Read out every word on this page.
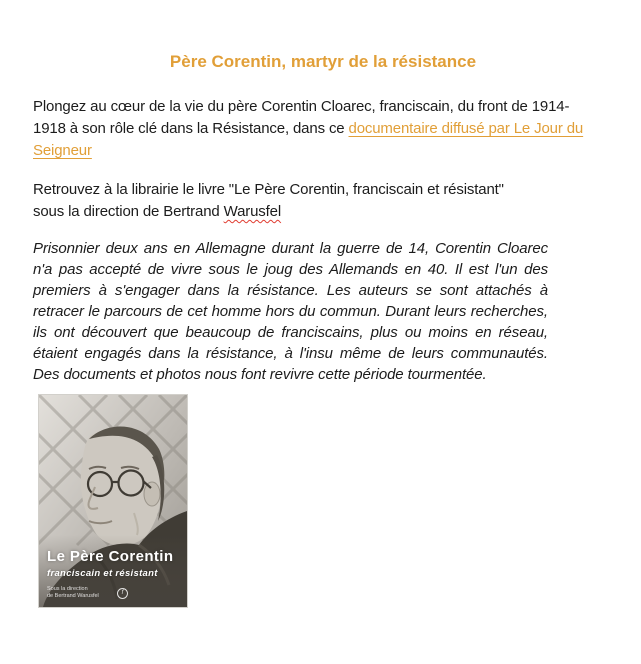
Père Corentin, martyr de la résistance

Plongez au cœur de la vie du père Corentin Cloarec, franciscain, du front de 1914-
1918 à son rôle clé dans la Résistance, dans ce documentaire diffusé par Le Jour du
Seigneur

Retrouvez à la librairie le livre "Le Père Corentin, franciscain et résistant"
sous la direction de Bertrand Warusfel

Prisonnier deux ans en Allemagne durant la guerre de 14, Corentin Cloarec n'a pas accepté de vivre sous le joug des Allemands en 40. Il est l'un des premiers à s'engager dans la résistance. Les auteurs se sont attachés à retracer le parcours de cet homme hors du commun. Durant leurs recherches, ils ont découvert que beaucoup de franciscains, plus ou moins en réseau, étaient engagés dans la résistance, à l'insu même de leurs communautés. Des documents et photos nous font revivre cette période tourmentée.

Le Père Corentin
franciscain et résistant
Sous la direction
de Bertrand Warusfel	f
